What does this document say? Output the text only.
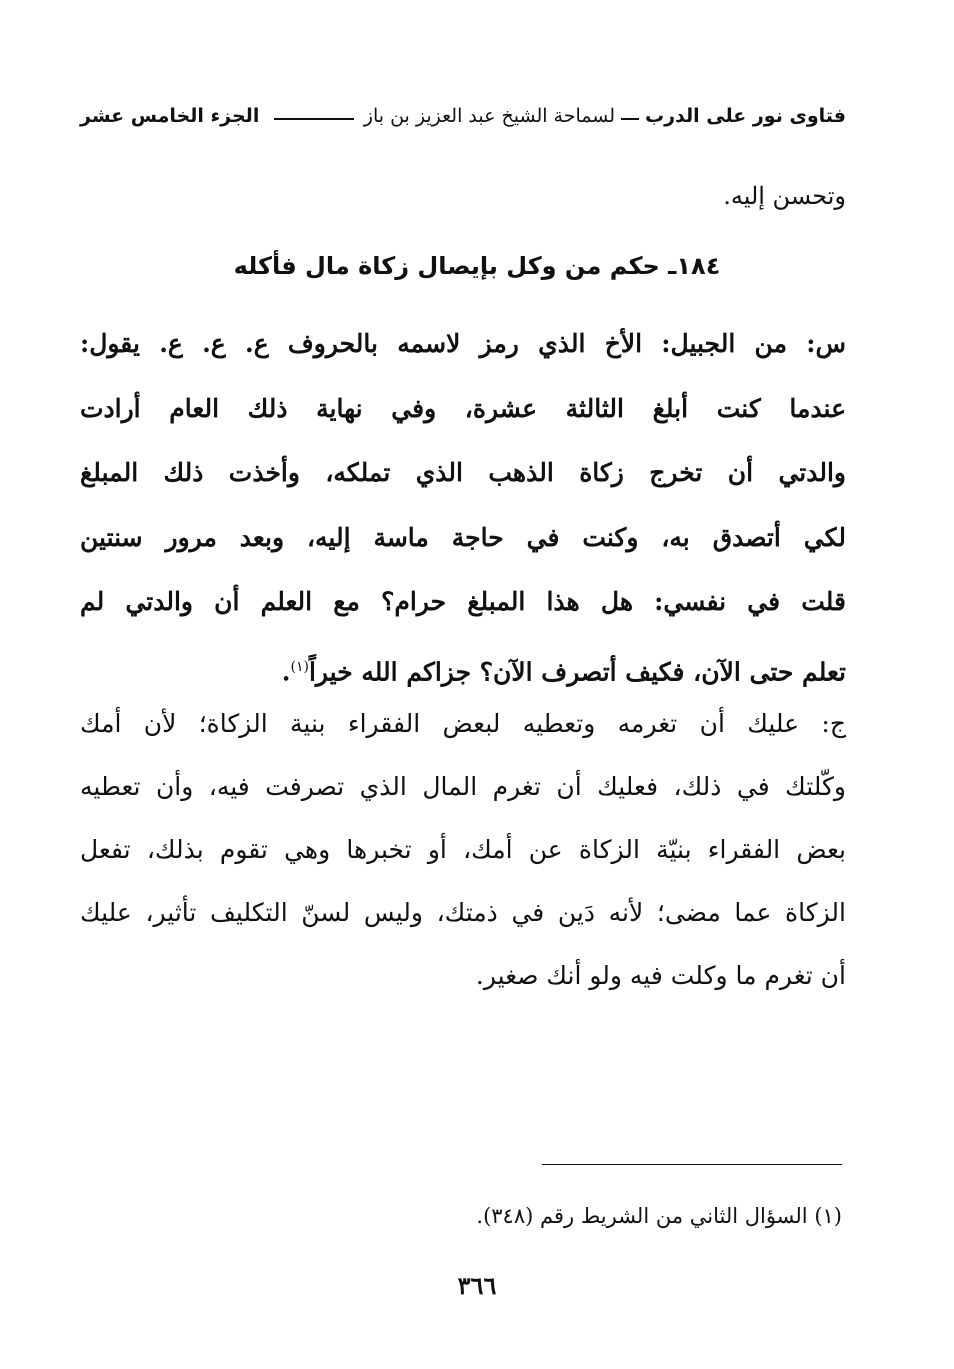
فتاوى نور على الدرب
لسماحة الشيخ عبد العزيز بن باز
الجزء الخامس عشر
وتحسن إليه.
١٨٤ـ حكم من وكل بإيصال زكاة مال فأكله
س: من الجبيل: الأخ الذي رمز لاسمه بالحروف ع. ع. ع. يقول:
عندما كنت أبلغ الثالثة عشرة، وفي نهاية ذلك العام أرادت
والدتي أن تخرج زكاة الذهب الذي تملكه، وأخذت ذلك المبلغ
لكي أتصدق به، وكنت في حاجة ماسة إليه، وبعد مرور سنتين
قلت في نفسي: هل هذا المبلغ حرام؟ مع العلم أن والدتي لم
تعلم حتى الآن، فكيف أتصرف الآن؟ جزاكم الله خيراً$^{(١)}$.
ج: عليك أن تغرمه وتعطيه لبعض الفقراء بنية الزكاة؛ لأن أمك
وكّلتك في ذلك، فعليك أن تغرم المال الذي تصرفت فيه، وأن تعطيه
بعض الفقراء بنيّة الزكاة عن أمك، أو تخبرها وهي تقوم بذلك، تفعل
الزكاة عما مضى؛ لأنه دَين في ذمتك، وليس لسنّ التكليف تأثير، عليك
أن تغرم ما وكلت فيه ولو أنك صغير.
(١) السؤال الثاني من الشريط رقم (٣٤٨).
٣٦٦
